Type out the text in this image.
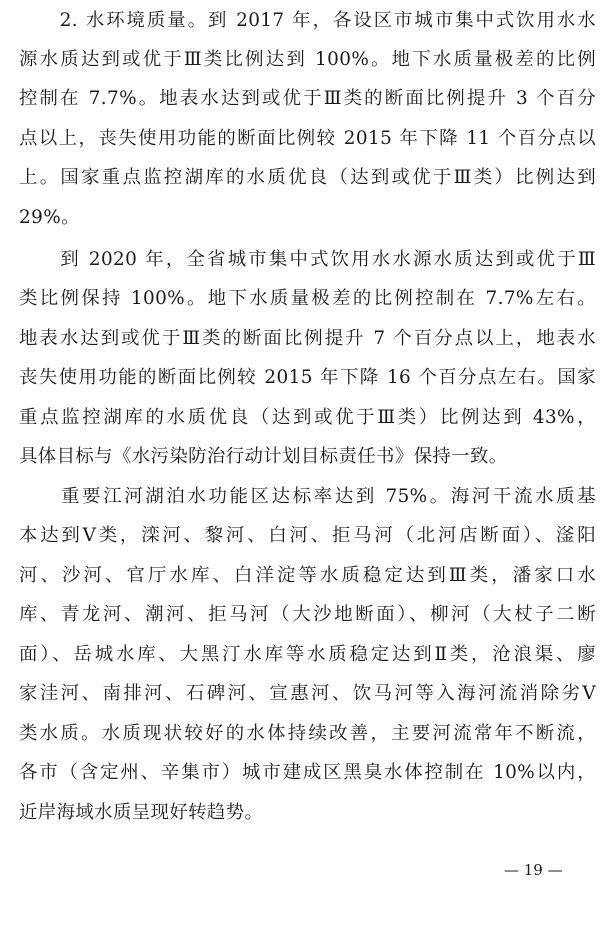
　　2. 水环境质量。到 2017 年，各设区市城市集中式饮用水水
源水质达到或优于Ⅲ类比例达到 100%。地下水质量极差的比例
控制在 7.7%。地表水达到或优于Ⅲ类的断面比例提升 3 个百分
点以上，丧失使用功能的断面比例较 2015 年下降 11 个百分点以
上。国家重点监控湖库的水质优良（达到或优于Ⅲ类）比例达到
29%。
　　到 2020 年，全省城市集中式饮用水水源水质达到或优于Ⅲ
类比例保持 100%。地下水质量极差的比例控制在 7.7%左右。
地表水达到或优于Ⅲ类的断面比例提升 7 个百分点以上，地表水
丧失使用功能的断面比例较 2015 年下降 16 个百分点左右。国家
重点监控湖库的水质优良（达到或优于Ⅲ类）比例达到 43%，
具体目标与《水污染防治行动计划目标责任书》保持一致。
　　重要江河湖泊水功能区达标率达到 75%。海河干流水质基
本达到Ⅴ类，滦河、黎河、白河、拒马河（北河店断面）、滏阳
河、沙河、官厅水库、白洋淀等水质稳定达到Ⅲ类，潘家口水
库、青龙河、潮河、拒马河（大沙地断面）、柳河（大杖子二断
面）、岳城水库、大黑汀水库等水质稳定达到Ⅱ类，沧浪渠、廖
家洼河、南排河、石碑河、宣惠河、饮马河等入海河流消除劣Ⅴ
类水质。水质现状较好的水体持续改善，主要河流常年不断流，
各市（含定州、辛集市）城市建成区黑臭水体控制在 10%以内，
近岸海域水质呈现好转趋势。
— 19 —
